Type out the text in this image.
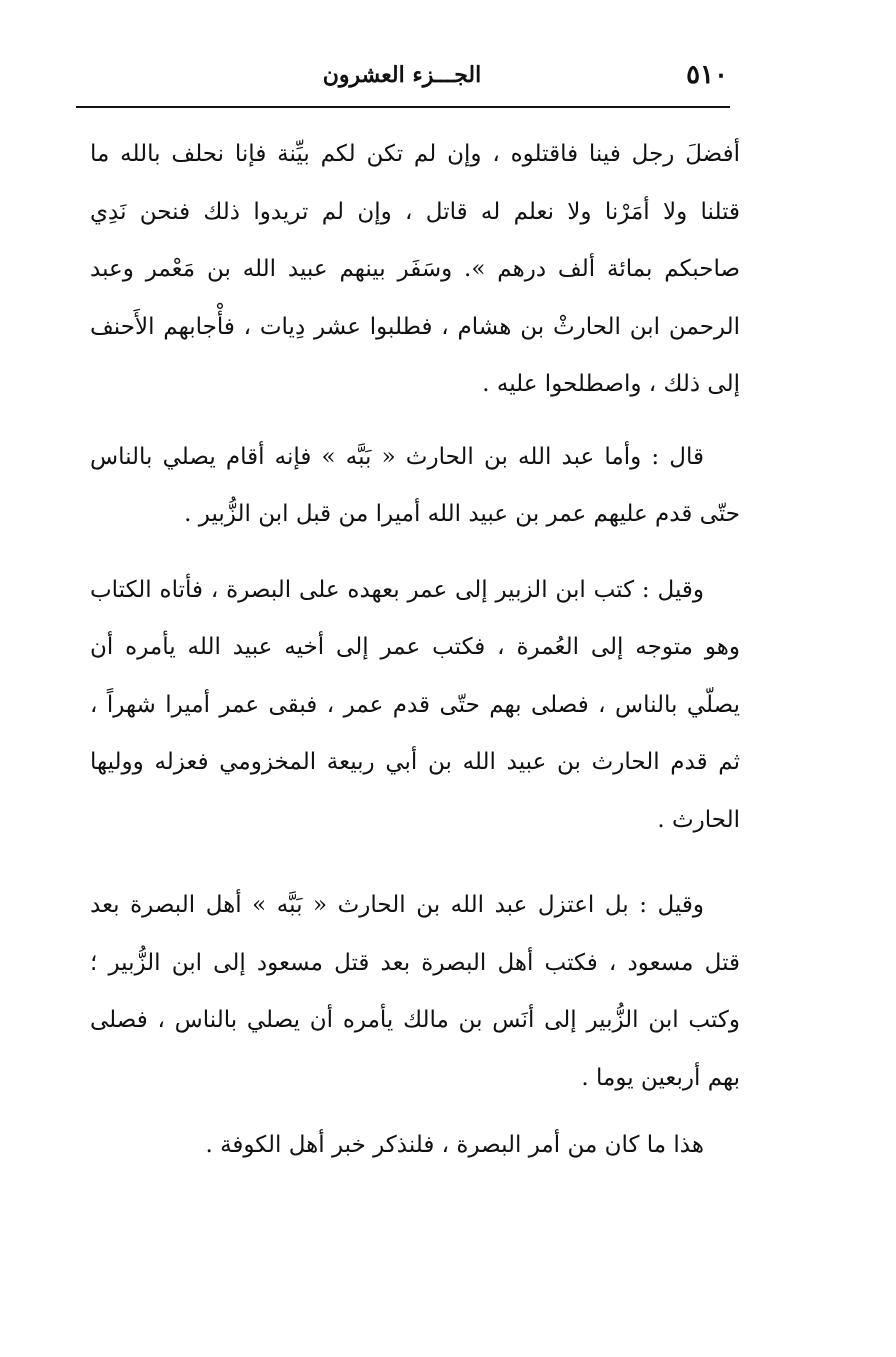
٥١٠
الجـــزء العشرون

أفضلَ رجل فينا فاقتلوه ، وإن لم تكن لكم بيِّنة فإنا نحلف بالله ما قتلنا ولا أمَرْنا ولا نعلم له قاتل ، وإن لم تريدوا ذلك فنحن نَدِي صاحبكم بمائة ألف درهم ». وسَفَر بينهم عبيد الله بن مَعْمر وعبد الرحمن ابن الحارثْ بن هشام ، فطلبوا عشر دِيات ، فأْجابهم الأَحنف إلى ذلك ، واصطلحوا عليه .

قال : وأما عبد الله بن الحارث « بَبَّه » فإنه أقام يصلي بالناس حتّى قدم عليهم عمر بن عبيد الله أميرا من قبل ابن الزُّبير .

وقيل : كتب ابن الزبير إلى عمر بعهده على البصرة ، فأتاه الكتاب وهو متوجه إلى العُمرة ، فكتب عمر إلى أخيه عبيد الله يأمره أن يصلّي بالناس ، فصلى بهم حتّى قدم عمر ، فبقى عمر أميرا شهراً ، ثم قدم الحارث بن عبيد الله بن أبي ربيعة المخزومي فعزله ووليها الحارث .

وقيل : بل اعتزل عبد الله بن الحارث « بَبَّه » أهل البصرة بعد قتل مسعود ، فكتب أهل البصرة بعد قتل مسعود إلى ابن الزُّبير ؛ وكتب ابن الزُّبير إلى أنَس بن مالك يأمره أن يصلي بالناس ، فصلى بهم أربعين يوما .

هذا ما كان من أمر البصرة ، فلنذكر خبر أهل الكوفة .
